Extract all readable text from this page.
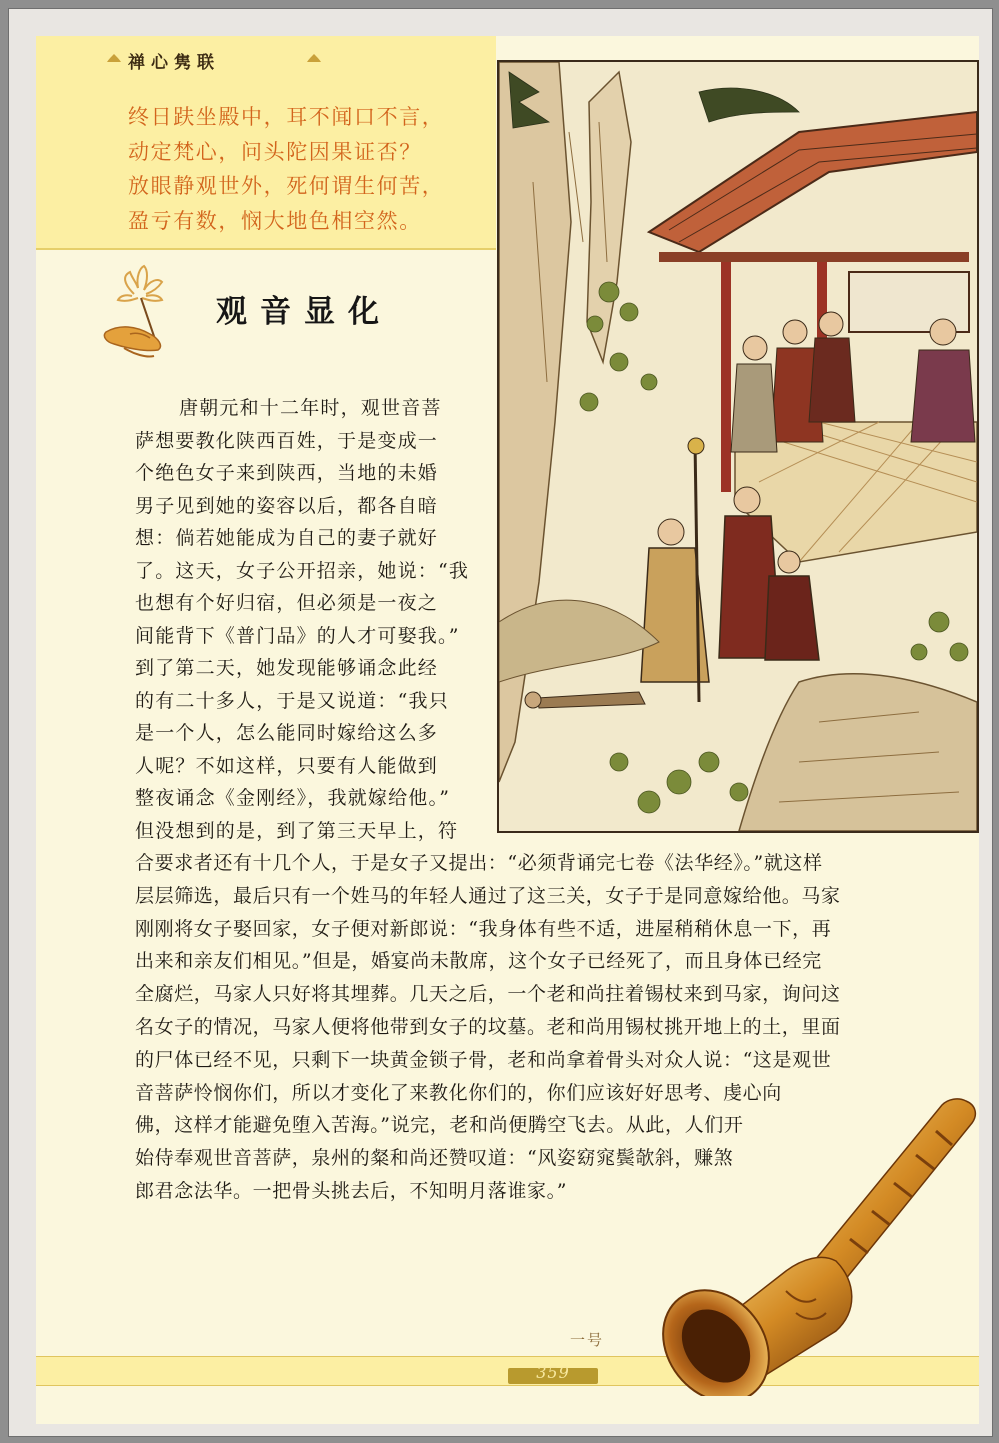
禅心隽联
终日趺坐殿中，耳不闻口不言，
动定梵心，问头陀因果证否？
放眼静观世外，死何谓生何苦，
盈亏有数，悯大地色相空然。
观音显化
唐朝元和十二年时，观世音菩
萨想要教化陕西百姓，于是变成一
个绝色女子来到陕西，当地的未婚
男子见到她的姿容以后，都各自暗
想：倘若她能成为自己的妻子就好
了。这天，女子公开招亲，她说：“我
也想有个好归宿，但必须是一夜之
间能背下《普门品》的人才可娶我。”
到了第二天，她发现能够诵念此经
的有二十多人，于是又说道：“我只
是一个人，怎么能同时嫁给这么多
人呢？不如这样，只要有人能做到
整夜诵念《金刚经》，我就嫁给他。”
但没想到的是，到了第三天早上，符
合要求者还有十几个人，于是女子又提出：“必须背诵完七卷《法华经》。”就这样
层层筛选，最后只有一个姓马的年轻人通过了这三关，女子于是同意嫁给他。马家
刚刚将女子娶回家，女子便对新郎说：“我身体有些不适，进屋稍稍休息一下，再
出来和亲友们相见。”但是，婚宴尚未散席，这个女子已经死了，而且身体已经完
全腐烂，马家人只好将其埋葬。几天之后，一个老和尚拄着锡杖来到马家，询问这
名女子的情况，马家人便将他带到女子的坟墓。老和尚用锡杖挑开地上的土，里面
的尸体已经不见，只剩下一块黄金锁子骨，老和尚拿着骨头对众人说：“这是观世
音菩萨怜悯你们，所以才变化了来教化你们的，你们应该好好思考、虔心向
佛，这样才能避免堕入苦海。”说完，老和尚便腾空飞去。从此，人们开
始侍奉观世音菩萨，泉州的粲和尚还赞叹道：“风姿窈窕鬓欹斜，赚煞
郎君念法华。一把骨头挑去后，不知明月落谁家。”
一号
359
